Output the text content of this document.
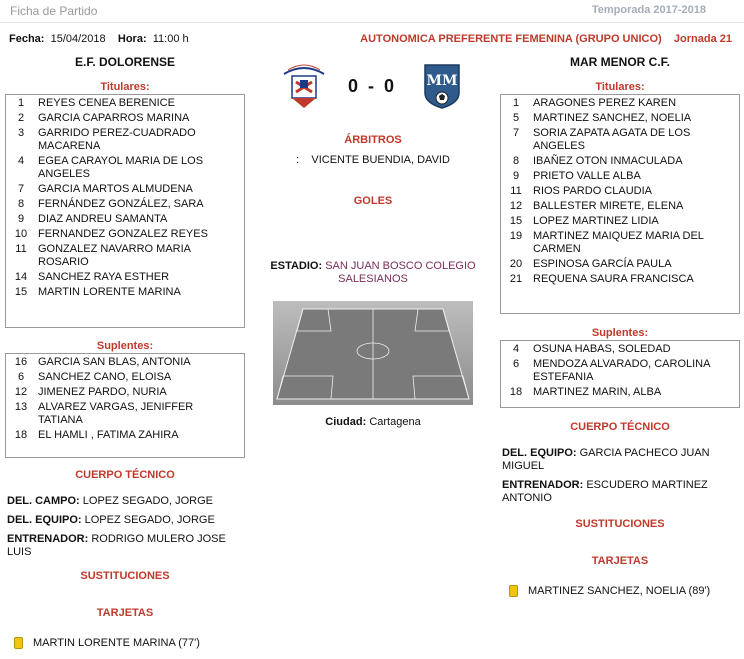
Ficha de Partido	Temporada 2017-2018
Fecha: 15/04/2018 Hora: 11:00 h	AUTONOMICA PREFERENTE FEMENINA (GRUPO UNICO) Jornada 21
E.F. DOLORENSE	MAR MENOR C.F.
0 - 0 MM
Titulares:
1	REYES CENEA BERENICE
2	GARCIA CAPARROS MARINA
3	GARRIDO PEREZ-CUADRADO MACARENA
4	EGEA CARAYOL MARIA DE LOS ANGELES
7	GARCIA MARTOS ALMUDENA
8	FERNÁNDEZ GONZÁLEZ, SARA
9	DIAZ ANDREU SAMANTA
10 FERNANDEZ GONZALEZ REYES
11	GONZALEZ NAVARRO MARIA ROSARIO
14 SANCHEZ RAYA ESTHER
15 MARTIN LORENTE MARINA
Suplentes:
16 GARCIA SAN BLAS, ANTONIA
6	SANCHEZ CANO, ELOISA
12 JIMENEZ PARDO, NURIA
13 ALVAREZ VARGAS, JENIFFER TATIANA
18 EL HAMLI , FATIMA ZAHIRA
CUERPO TÉCNICO
DEL. CAMPO: LOPEZ SEGADO, JORGE
DEL. EQUIPO: LOPEZ SEGADO, JORGE
ENTRENADOR: RODRIGO MULERO JOSE LUIS
SUSTITUCIONES
TARJETAS
MARTIN LORENTE MARINA (77')
Titulares:
1	ARAGONES PEREZ KAREN
5	MARTINEZ SANCHEZ, NOELIA
7	SORIA ZAPATA AGATA DE LOS ANGELES
8	IBAÑEZ OTON INMACULADA
9	PRIETO VALLE ALBA
11	RIOS PARDO CLAUDIA
12 BALLESTER MIRETE, ELENA
15 LOPEZ MARTINEZ LIDIA
19 MARTINEZ MAIQUEZ MARIA DEL CARMEN
20 ESPINOSA GARCÍA PAULA
21 REQUENA SAURA FRANCISCA
Suplentes:
4	OSUNA HABAS, SOLEDAD
6	MENDOZA ALVARADO, CAROLINA ESTEFANIA
18 MARTINEZ MARIN, ALBA
CUERPO TÉCNICO
DEL. EQUIPO: GARCIA PACHECO JUAN MIGUEL
ENTRENADOR: ESCUDERO MARTINEZ ANTONIO
SUSTITUCIONES
TARJETAS
MARTINEZ SANCHEZ, NOELIA (89')
ÁRBITROS
: VICENTE BUENDIA, DAVID
GOLES
ESTADIO: SAN JUAN BOSCO COLEGIO SALESIANOS
Ciudad: Cartagena
